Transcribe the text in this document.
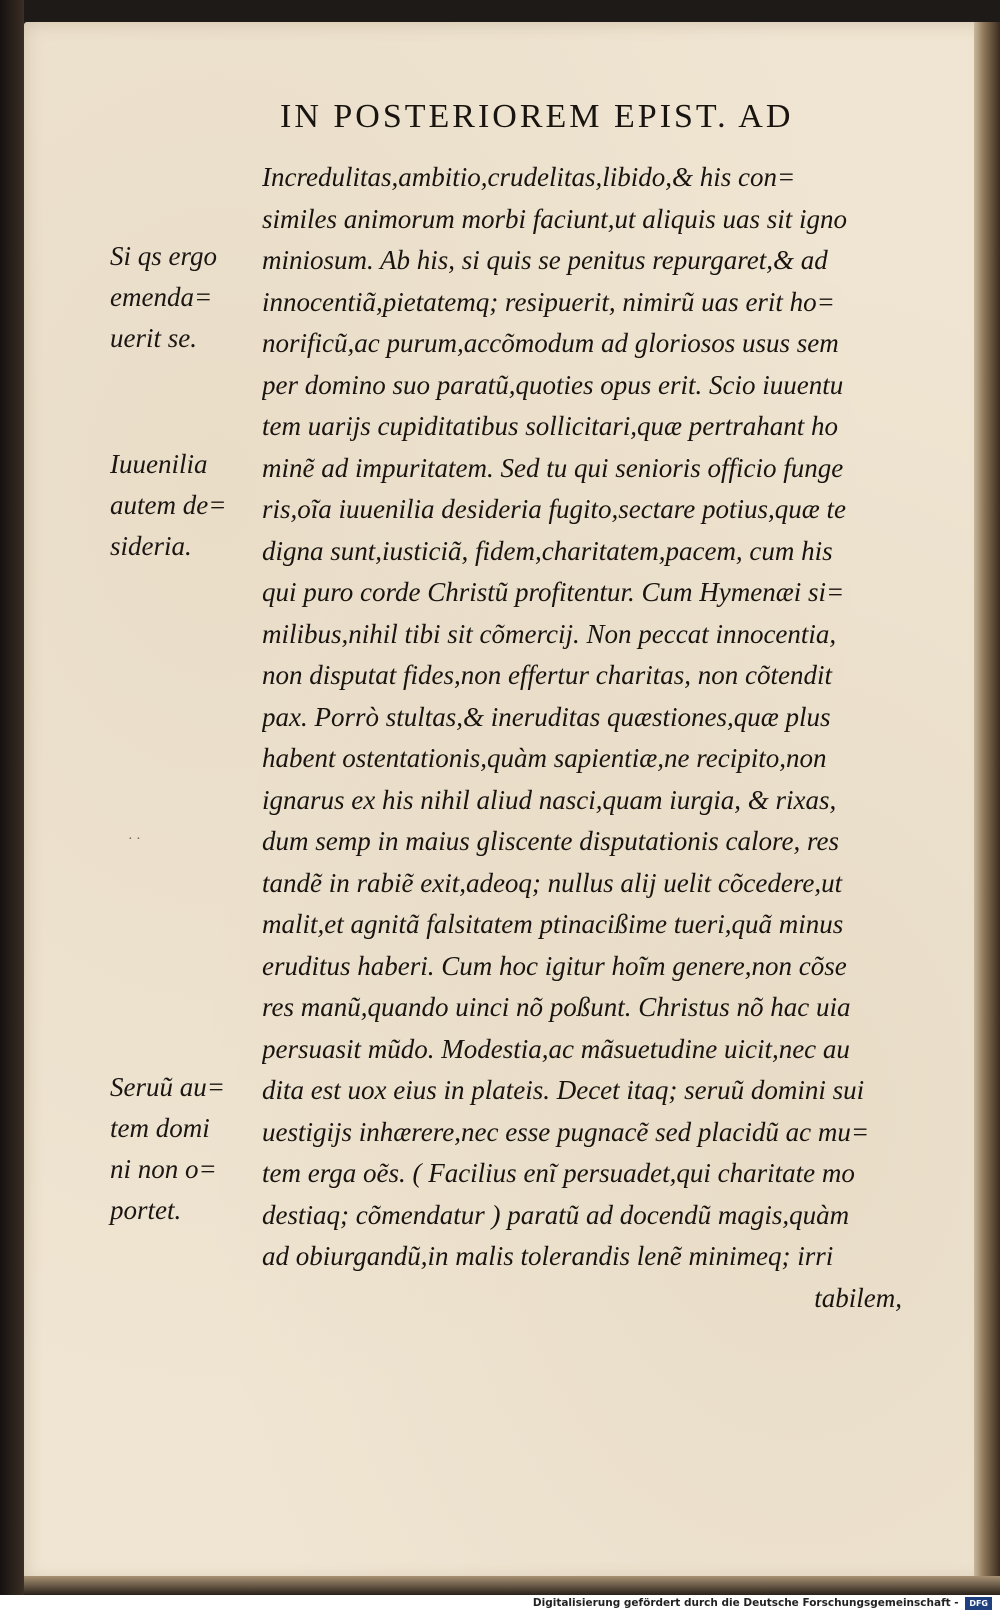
IN POSTERIOREM EPIST. AD
Si qs ergo
emenda=
uerit se.
Iuuenilia
autem de=
sideria.
Seruũ au=
tem domi
ni non o=
portet.
· ·
Incredulitas,ambitio,crudelitas,libido,& his con=
similes animorum morbi faciunt,ut aliquis uas sit igno
miniosum. Ab his, si quis se penitus repurgaret,& ad
innocentiã,pietatemq; resipuerit, nimirũ uas erit ho=
norificũ,ac purum,accõmodum ad gloriosos usus sem
per domino suo paratũ,quoties opus erit. Scio iuuentu
tem uarijs cupiditatibus sollicitari,quæ pertrahant ho
minẽ ad impuritatem. Sed tu qui senioris officio funge
ris,oĩa iuuenilia desideria fugito,sectare potius,quæ te
digna sunt,iusticiã, fidem,charitatem,pacem, cum his
qui puro corde Christũ profitentur. Cum Hymenæi si=
milibus,nihil tibi sit cõmercij. Non peccat innocentia,
non disputat fides,non effertur charitas, non cõtendit
pax. Porrò stultas,& ineruditas quæstiones,quæ plus
habent ostentationis,quàm sapientiæ,ne recipito,non
ignarus ex his nihil aliud nasci,quam iurgia, & rixas,
dum semp in maius gliscente disputationis calore, res
tandẽ in rabiẽ exit,adeoq; nullus alij uelit cõcedere,ut
malit,et agnitã falsitatem ptinacißime tueri,quã minus
eruditus haberi. Cum hoc igitur hoĩm genere,non cõse
res manũ,quando uinci nõ poßunt. Christus nõ hac uia
persuasit mũdo. Modestia,ac mãsuetudine uicit,nec au
dita est uox eius in plateis. Decet itaq; seruũ domini sui
uestigijs inhærere,nec esse pugnacẽ sed placidũ ac mu=
tem erga oẽs. ( Facilius enĩ persuadet,qui charitate mo
destiaq; cõmendatur ) paratũ ad docendũ magis,quàm
ad obiurgandũ,in malis tolerandis lenẽ minimeq; irri
tabilem,
Digitalisierung gefördert durch die Deutsche Forschungsgemeinschaft - DFG
